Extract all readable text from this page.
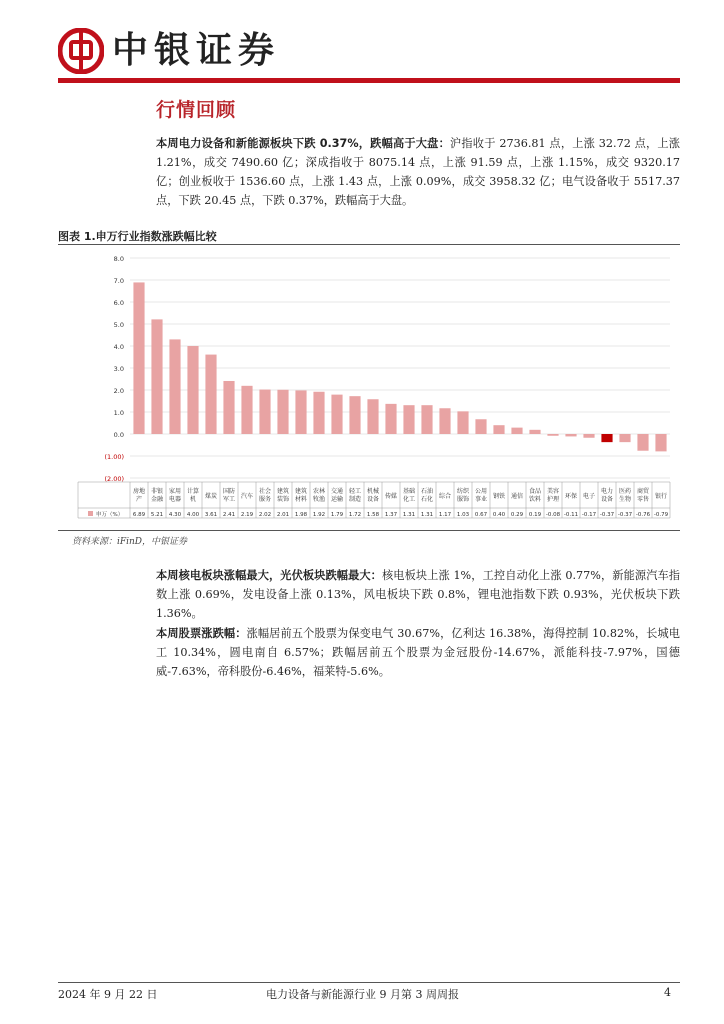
中银证券
行情回顾
本周电力设备和新能源板块下跌 0.37%，跌幅高于大盘：沪指收于 2736.81 点，上涨 32.72 点，上涨 1.21%，成交 7490.60 亿；深成指收于 8075.14 点，上涨 91.59 点，上涨 1.15%，成交 9320.17 亿；创业板收于 1536.60 点，上涨 1.43 点，上涨 0.09%，成交 3958.32 亿；电气设备收于 5517.37 点，下跌 20.45 点，下跌 0.37%，跌幅高于大盘。
图表 1.申万行业指数涨跌幅比较
8.0
7.0
6.0
5.0
4.0
3.0
2.0
1.0
0.0
(1.00)
(2.00)
申万（%）
房地
产
6.89
非银
金融
5.21
家用
电器
4.30
计算
机
4.00
煤炭
3.61
国防
军工
2.41
汽车
2.19
社会
服务
2.02
建筑
装饰
2.01
建筑
材料
1.98
农林
牧渔
1.92
交通
运输
1.79
轻工
制造
1.72
机械
设备
1.58
传媒
1.37
基础
化工
1.31
石油
石化
1.31
综合
1.17
纺织
服饰
1.03
公用
事业
0.67
钢铁
0.40
通信
0.29
食品
饮料
0.19
美容
护理
-0.08
环保
-0.11
电子
-0.17
电力
设备
-0.37
医药
生物
-0.37
商贸
零售
-0.76
银行
-0.79
资料来源：iFinD，中银证券
本周核电板块涨幅最大，光伏板块跌幅最大：核电板块上涨 1%，工控自动化上涨 0.77%，新能源汽车指数上涨 0.69%，发电设备上涨 0.13%，风电板块下跌 0.8%，锂电池指数下跌 0.93%，光伏板块下跌 1.36%。
本周股票涨跌幅：涨幅居前五个股票为保变电气 30.67%，亿利达 16.38%，海得控制 10.82%，长城电工 10.34%，圆电南自 6.57%；跌幅居前五个股票为金冠股份-14.67%，派能科技-7.97%，国德威-7.63%，帝科股份-6.46%，福莱特-5.6%。
2024 年 9 月 22 日	电力设备与新能源行业 9 月第 3 周周报	4
